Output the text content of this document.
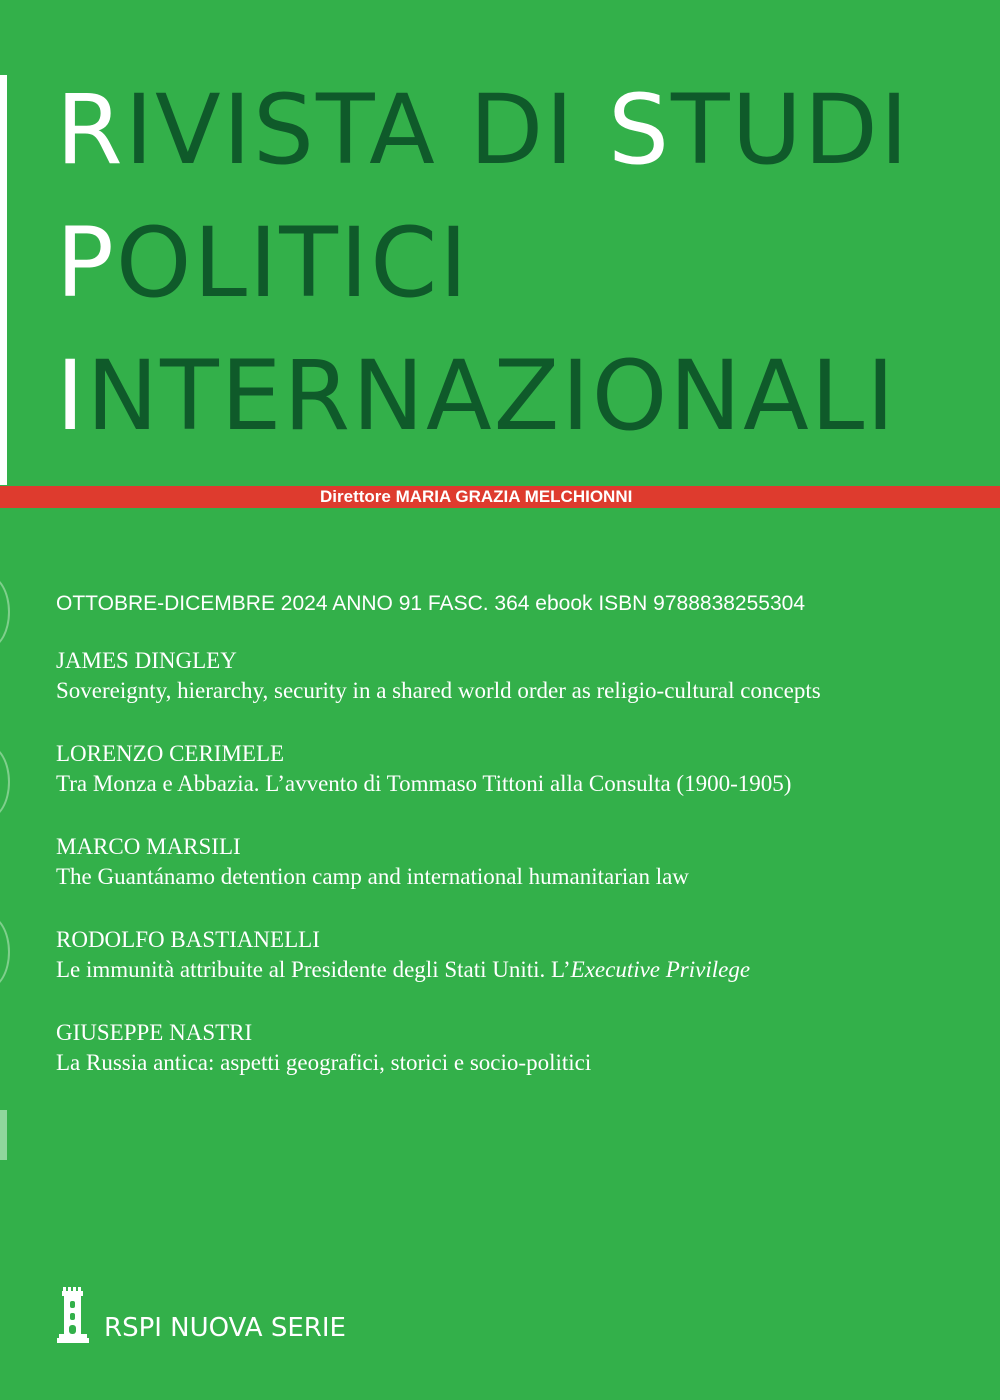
RIVISTA DI STUDI
POLITICI
INTERNAZIONALI
Direttore MARIA GRAZIA MELCHIONNI
OTTOBRE-DICEMBRE 2024 ANNO 91 FASC. 364 ebook ISBN 9788838255304
JAMES DINGLEY
Sovereignty, hierarchy, security in a shared world order as religio-cultural concepts
LORENZO CERIMELE
Tra Monza e Abbazia. L’avvento di Tommaso Tittoni alla Consulta (1900-1905)
MARCO MARSILI
The Guantánamo detention camp and international humanitarian law
RODOLFO BASTIANELLI
Le immunità attribuite al Presidente degli Stati Uniti. L’Executive Privilege
GIUSEPPE NASTRI
La Russia antica: aspetti geografici, storici e socio-politici
RSPI NUOVA SERIE
